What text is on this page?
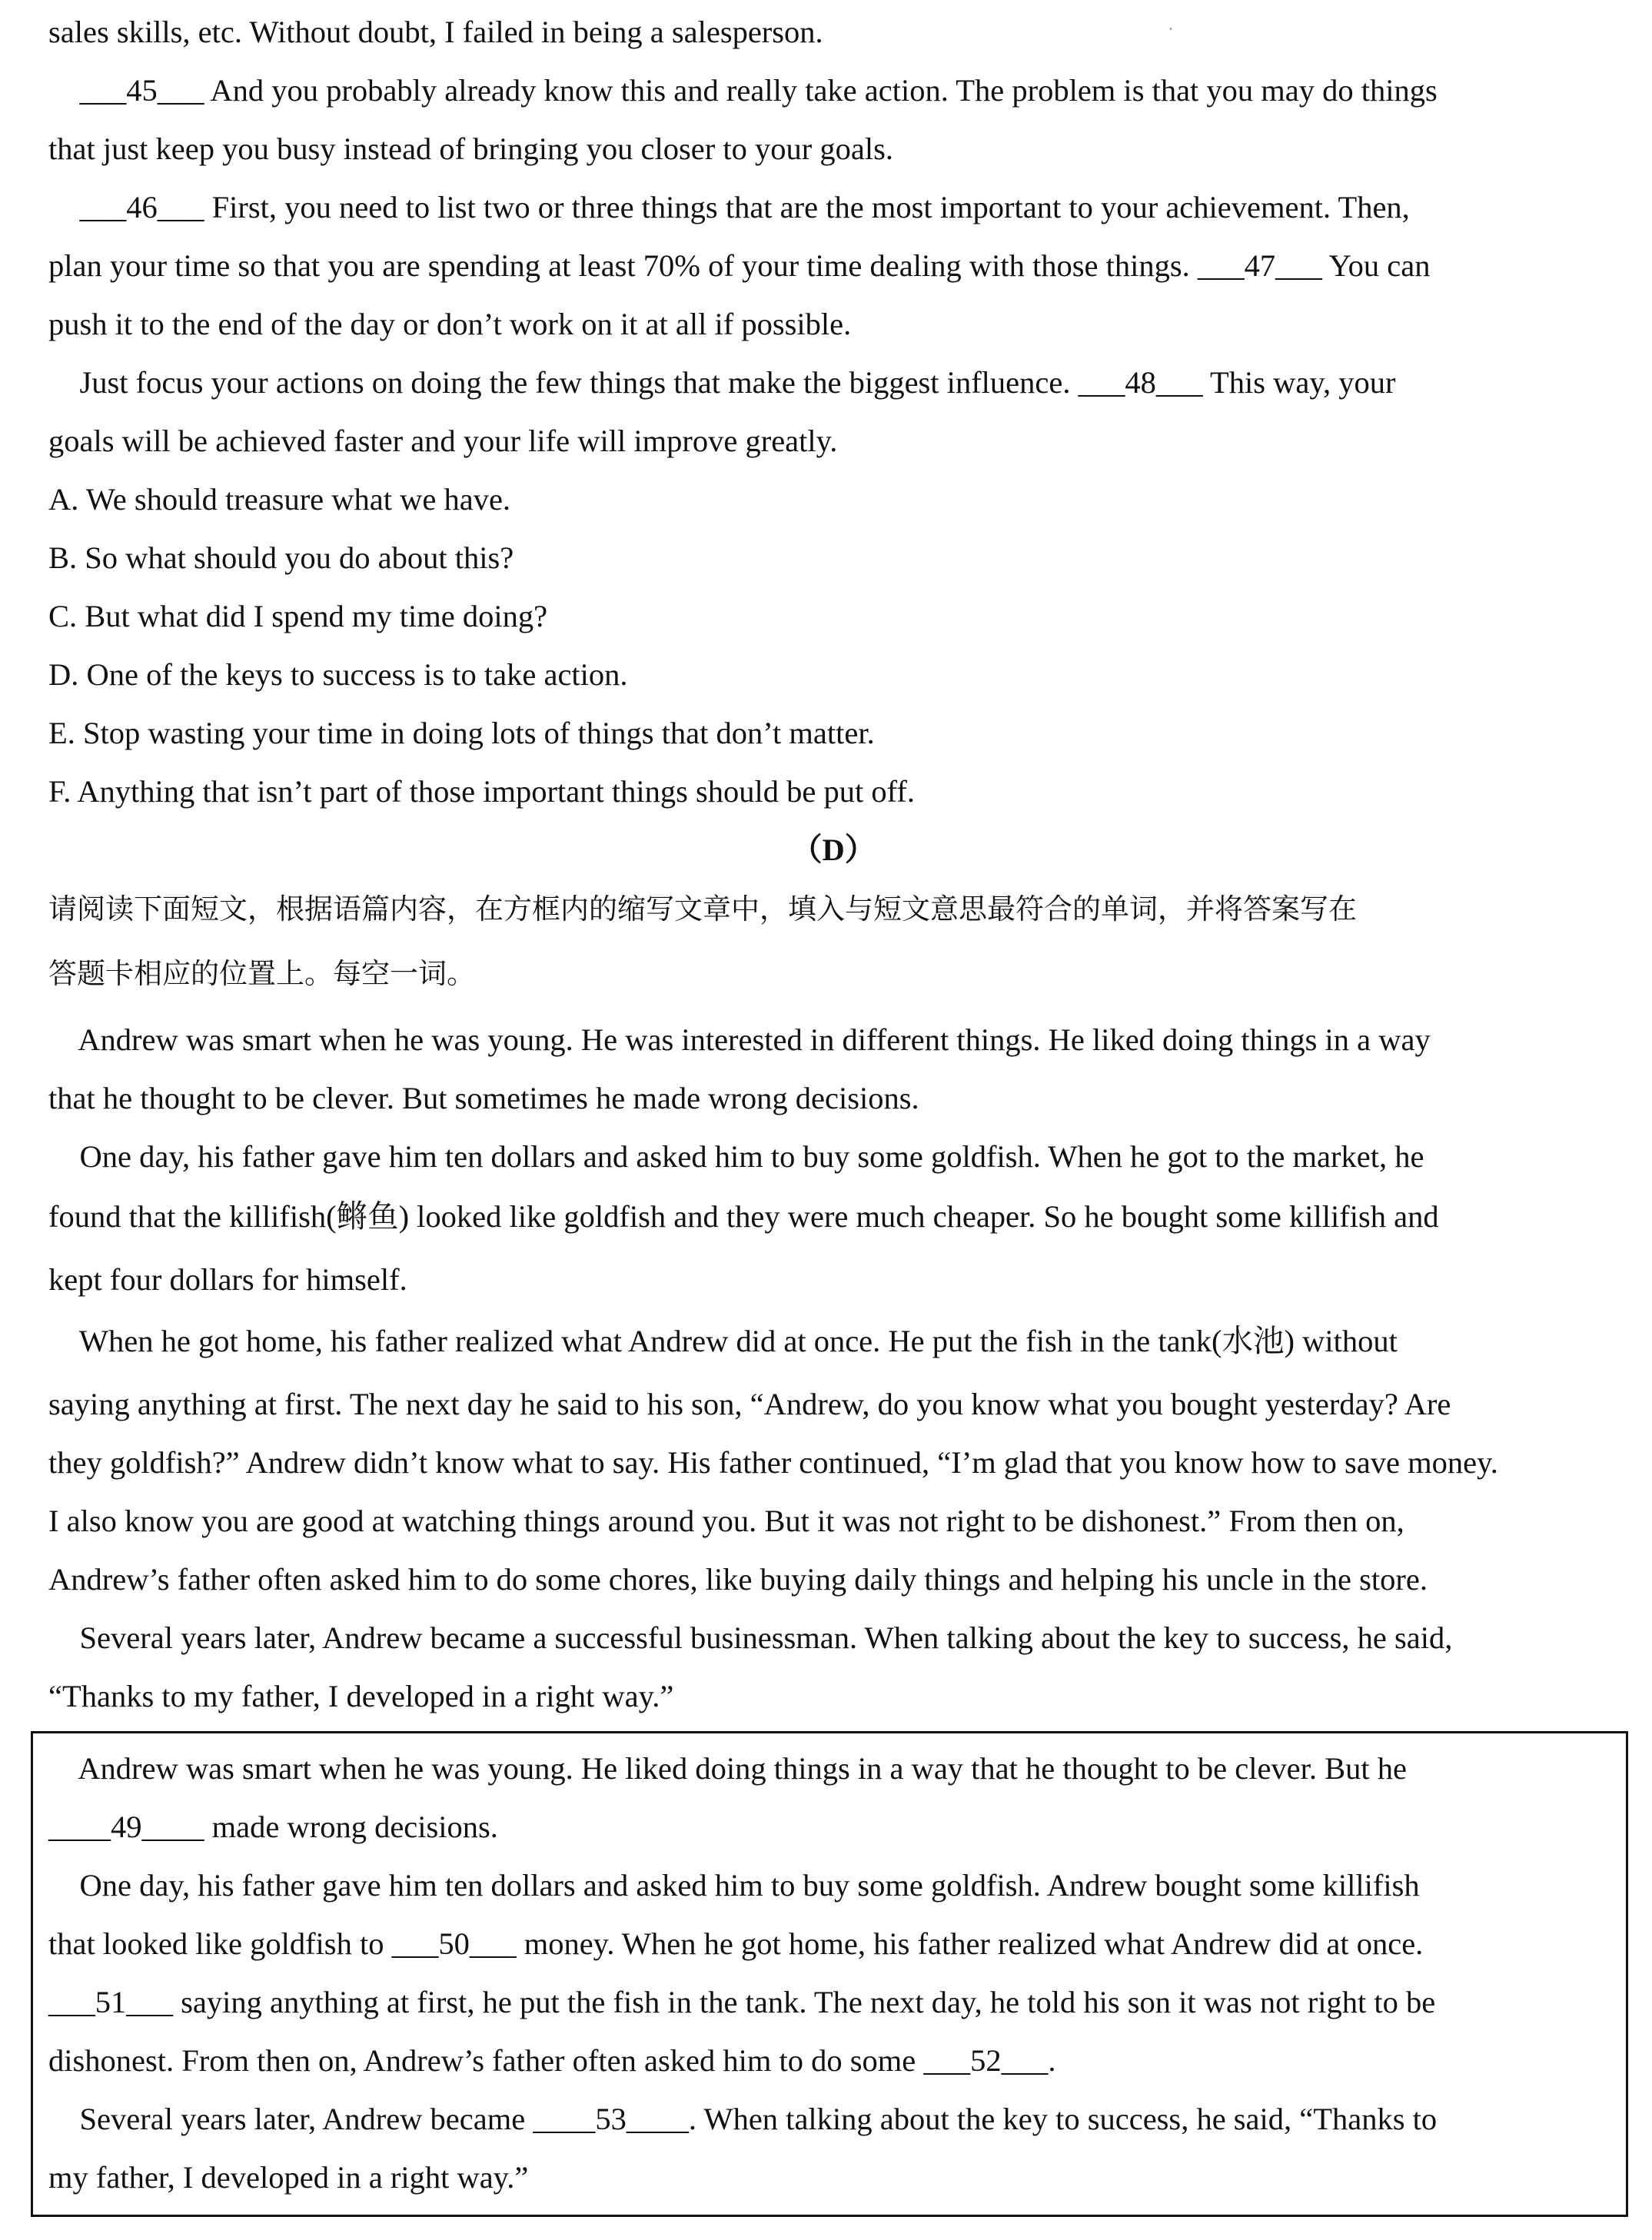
sales skills, etc. Without doubt, I failed in being a salesperson.
___45___ And you probably already know this and really take action. The problem is that you may do things
that just keep you busy instead of bringing you closer to your goals.
___46___ First, you need to list two or three things that are the most important to your achievement. Then,
plan your time so that you are spending at least 70% of your time dealing with those things. ___47___ You can
push it to the end of the day or don’t work on it at all if possible.
Just focus your actions on doing the few things that make the biggest influence. ___48___ This way, your
goals will be achieved faster and your life will improve greatly.
A. We should treasure what we have.
B. So what should you do about this?
C. But what did I spend my time doing?
D. One of the keys to success is to take action.
E. Stop wasting your time in doing lots of things that don’t matter.
F. Anything that isn’t part of those important things should be put off.
（D）
请阅读下面短文，根据语篇内容，在方框内的缩写文章中，填入与短文意思最符合的单词，并将答案写在
答题卡相应的位置上。每空一词。
Andrew was smart when he was young. He was interested in different things. He liked doing things in a way
that he thought to be clever. But sometimes he made wrong decisions.
One day, his father gave him ten dollars and asked him to buy some goldfish. When he got to the market, he
found that the killifish(鳉鱼) looked like goldfish and they were much cheaper. So he bought some killifish and
kept four dollars for himself.
When he got home, his father realized what Andrew did at once. He put the fish in the tank(水池) without
saying anything at first. The next day he said to his son, “Andrew, do you know what you bought yesterday? Are
they goldfish?” Andrew didn’t know what to say. His father continued, “I’m glad that you know how to save money.
I also know you are good at watching things around you. But it was not right to be dishonest.” From then on,
Andrew’s father often asked him to do some chores, like buying daily things and helping his uncle in the store.
Several years later, Andrew became a successful businessman. When talking about the key to success, he said,
“Thanks to my father, I developed in a right way.”
Andrew was smart when he was young. He liked doing things in a way that he thought to be clever. But he
____49____ made wrong decisions.
One day, his father gave him ten dollars and asked him to buy some goldfish. Andrew bought some killifish
that looked like goldfish to ___50___ money. When he got home, his father realized what Andrew did at once.
___51___ saying anything at first, he put the fish in the tank. The next day, he told his son it was not right to be
dishonest. From then on, Andrew’s father often asked him to do some ___52___.
Several years later, Andrew became ____53____. When talking about the key to success, he said, “Thanks to
my father, I developed in a right way.”
